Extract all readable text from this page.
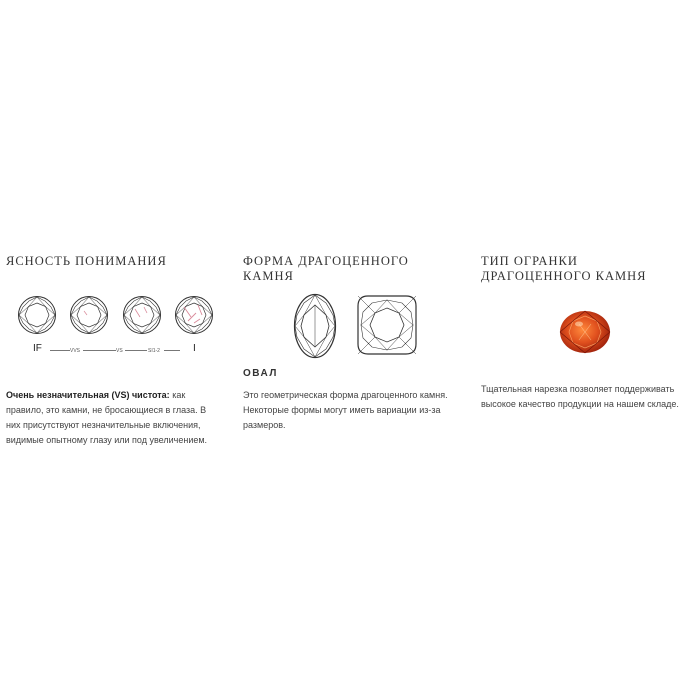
ЯСНОСТЬ ПОНИМАНИЯ
IF	VVS	VS	SI1-2	I
Очень незначительная (VS) чистота: как правило, это камни, не бросающиеся в глаза. В них присутствуют незначительные включения, видимые опытному глазу или под увеличением.
ФОРМА ДРАГОЦЕННОГО КАМНЯ
ОВАЛ
Это геометрическая форма драгоценного камня. Некоторые формы могут иметь вариации из-за размеров.
ТИП ОГРАНКИ ДРАГОЦЕННОГО КАМНЯ
Тщательная нарезка позволяет поддерживать высокое качество продукции на нашем складе.
